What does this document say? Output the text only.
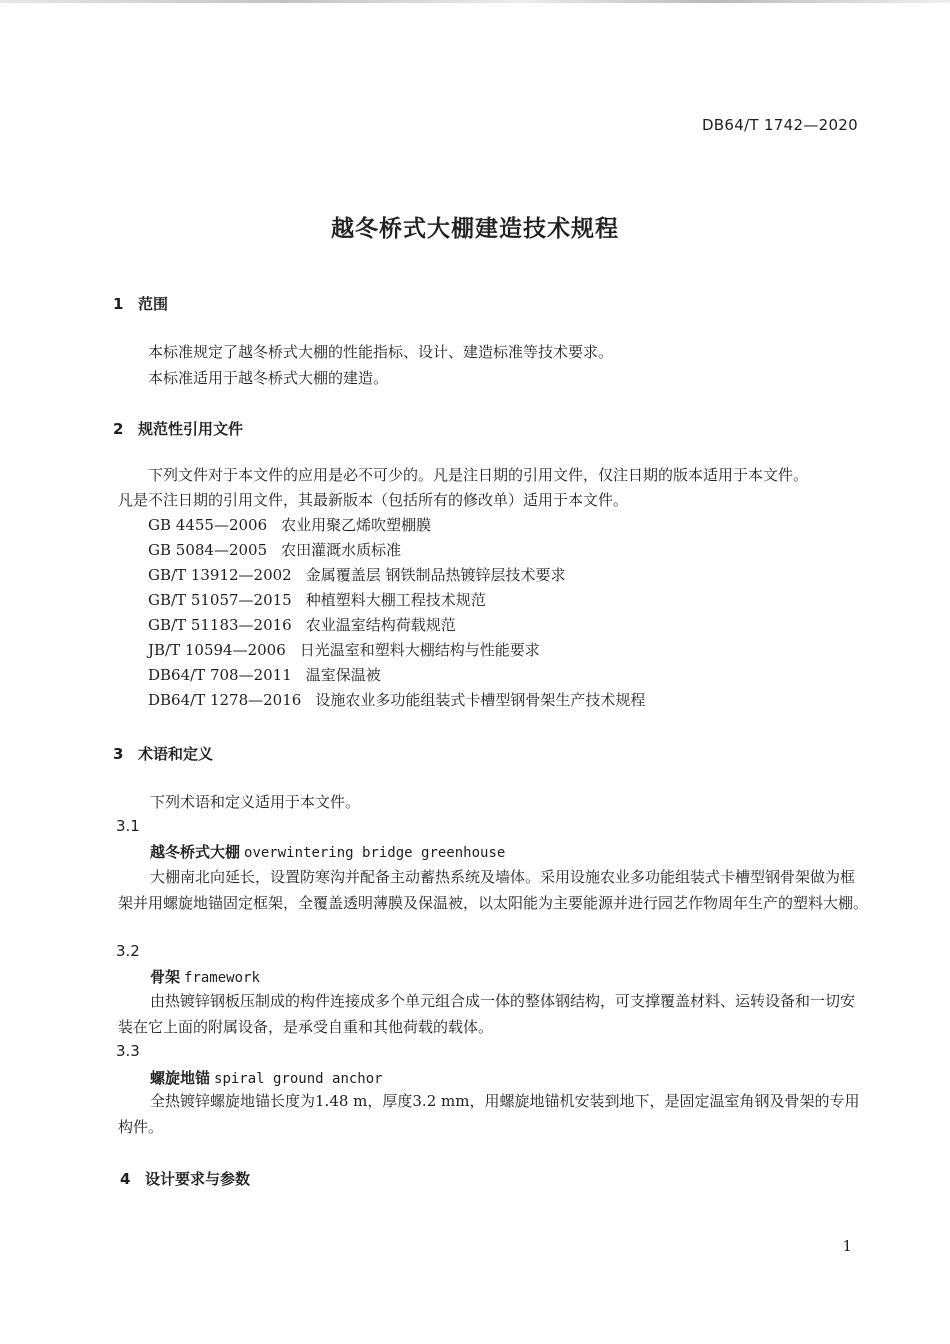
DB64/T 1742—2020
越冬桥式大棚建造技术规程
1 范围
本标准规定了越冬桥式大棚的性能指标、设计、建造标准等技术要求。
本标准适用于越冬桥式大棚的建造。
2 规范性引用文件
下列文件对于本文件的应用是必不可少的。凡是注日期的引用文件，仅注日期的版本适用于本文件。
凡是不注日期的引用文件，其最新版本（包括所有的修改单）适用于本文件。
GB 4455—2006 农业用聚乙烯吹塑棚膜
GB 5084—2005 农田灌溉水质标准
GB/T 13912—2002 金属覆盖层 钢铁制品热镀锌层技术要求
GB/T 51057—2015 种植塑料大棚工程技术规范
GB/T 51183—2016 农业温室结构荷载规范
JB/T 10594—2006 日光温室和塑料大棚结构与性能要求
DB64/T 708—2011 温室保温被
DB64/T 1278—2016 设施农业多功能组装式卡槽型钢骨架生产技术规程
3 术语和定义
下列术语和定义适用于本文件。
3.1
越冬桥式大棚 overwintering bridge greenhouse
大棚南北向延长，设置防寒沟并配备主动蓄热系统及墙体。采用设施农业多功能组装式卡槽型钢骨架做为框架并用螺旋地锚固定框架，全覆盖透明薄膜及保温被，以太阳能为主要能源并进行园艺作物周年生产的塑料大棚。
3.2
骨架 framework
由热镀锌钢板压制成的构件连接成多个单元组合成一体的整体钢结构，可支撑覆盖材料、运转设备和一切安装在它上面的附属设备，是承受自重和其他荷载的载体。
3.3
螺旋地锚 spiral ground anchor
全热镀锌螺旋地锚长度为1.48 m，厚度3.2 mm，用螺旋地锚机安装到地下，是固定温室角钢及骨架的专用构件。
4 设计要求与参数
1
